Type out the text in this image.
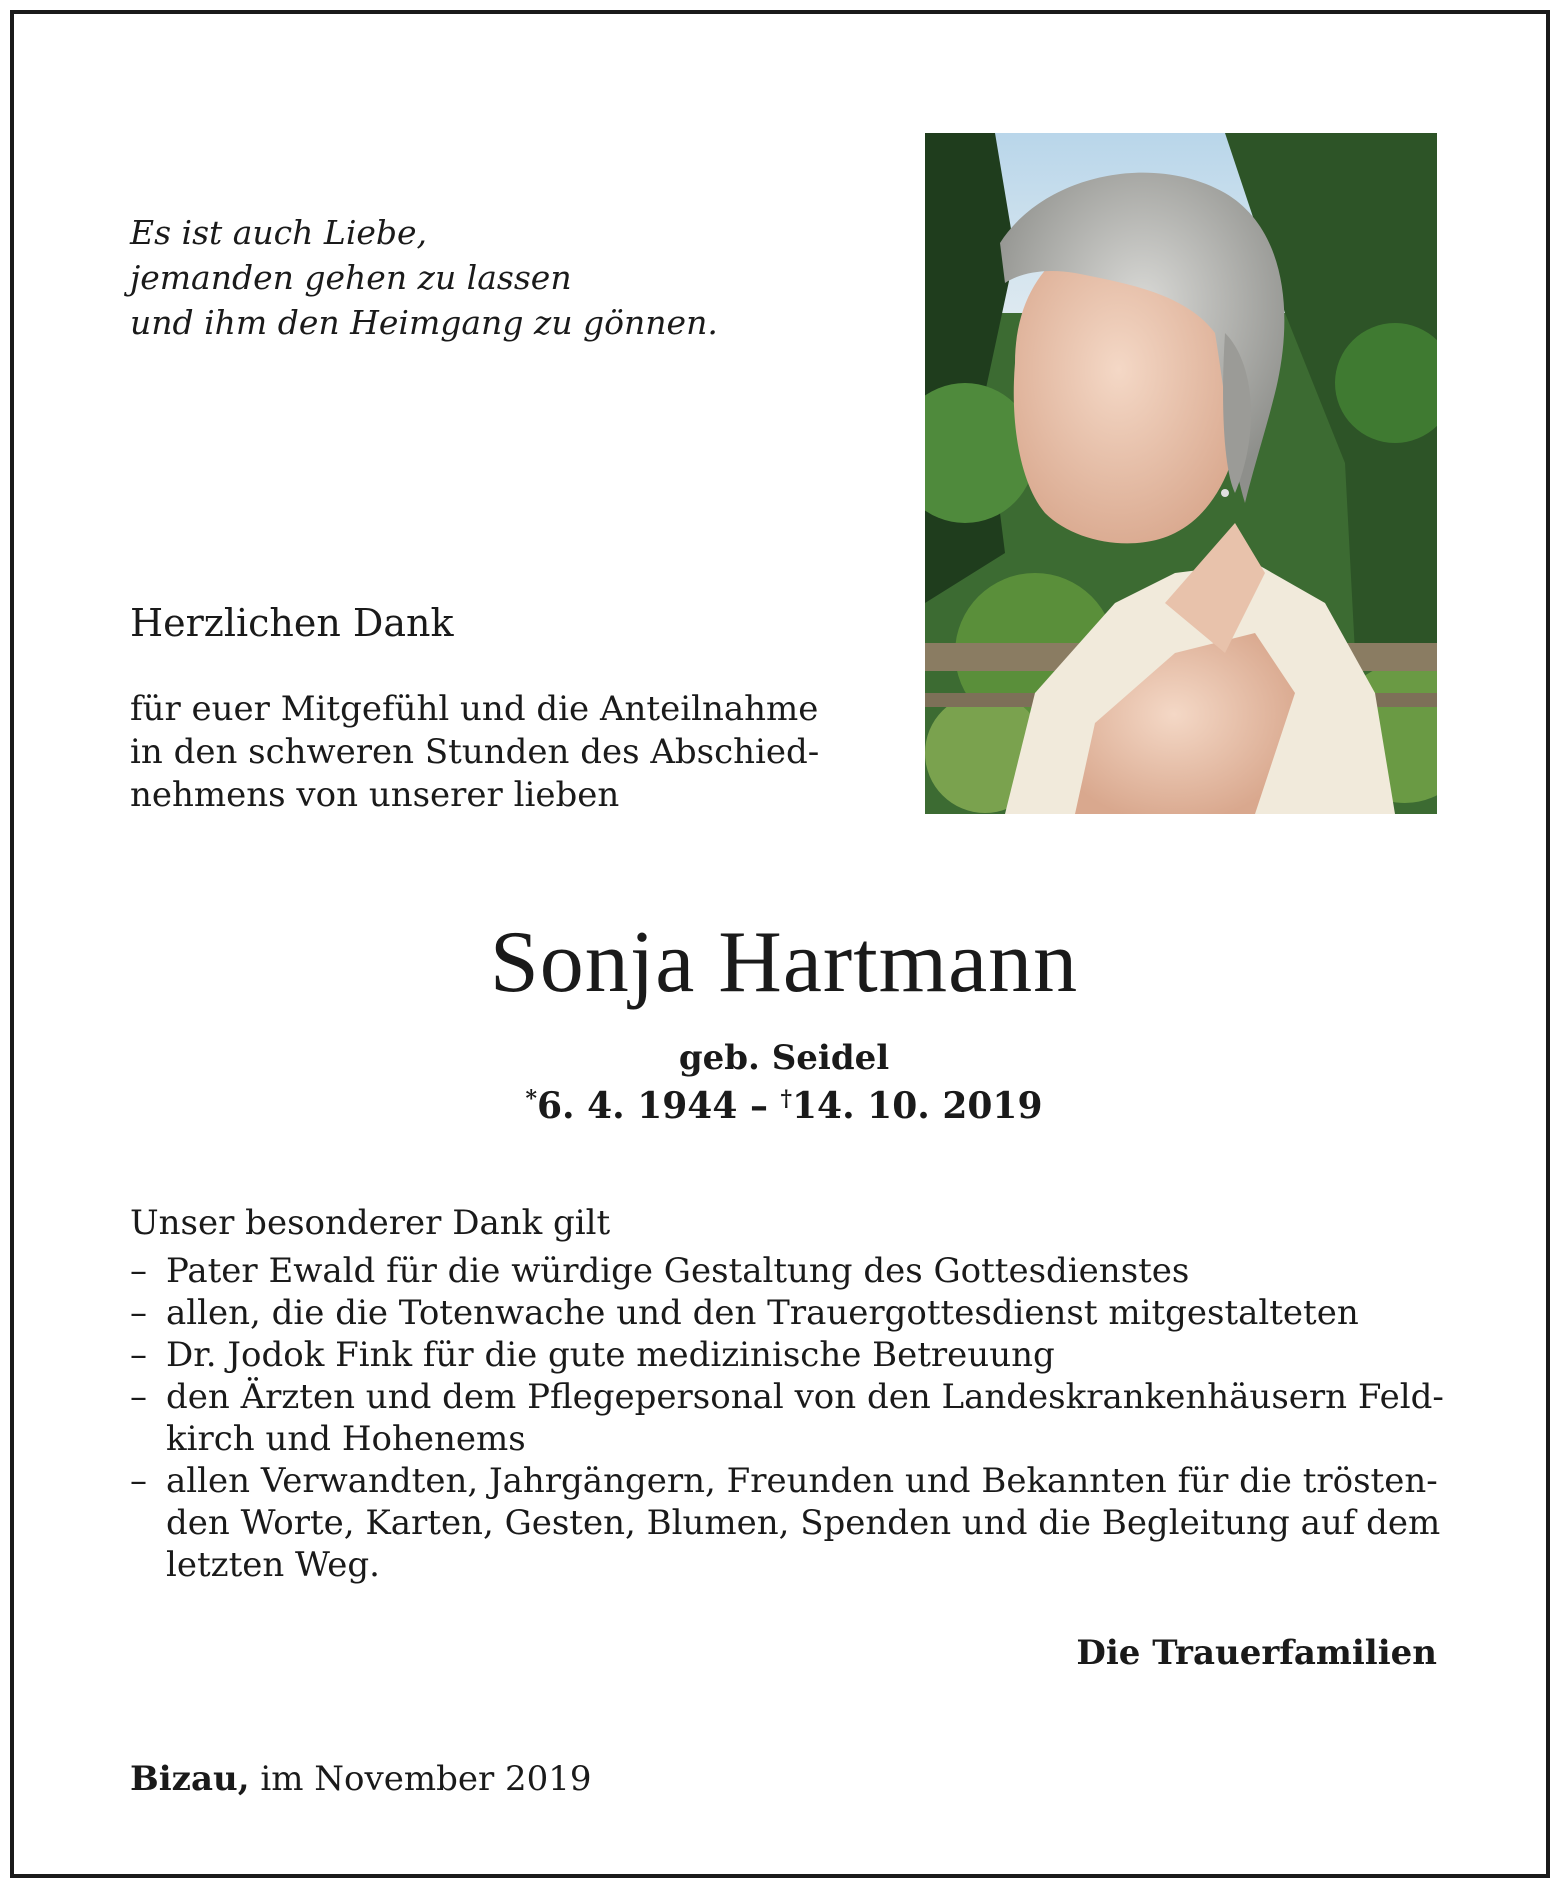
Es ist auch Liebe,
jemanden gehen zu lassen
und ihm den Heimgang zu gönnen.
Herzlichen Dank
für euer Mitgefühl und die Anteilnahme
in den schweren Stunden des Abschied-
nehmens von unserer lieben
Sonja Hartmann
geb. Seidel
*6. 4. 1944 – †14. 10. 2019
Unser besonderer Dank gilt
– Pater Ewald für die würdige Gestaltung des Gottesdienstes
– allen, die die Totenwache und den Trauergottesdienst mitgestalteten
– Dr. Jodok Fink für die gute medizinische Betreuung
– den Ärzten und dem Pflegepersonal von den Landeskrankenhäusern Feld-
kirch und Hohenems
– allen Verwandten, Jahrgängern, Freunden und Bekannten für die trösten-
den Worte, Karten, Gesten, Blumen, Spenden und die Begleitung auf dem
letzten Weg.
Die Trauerfamilien
Bizau, im November 2019
